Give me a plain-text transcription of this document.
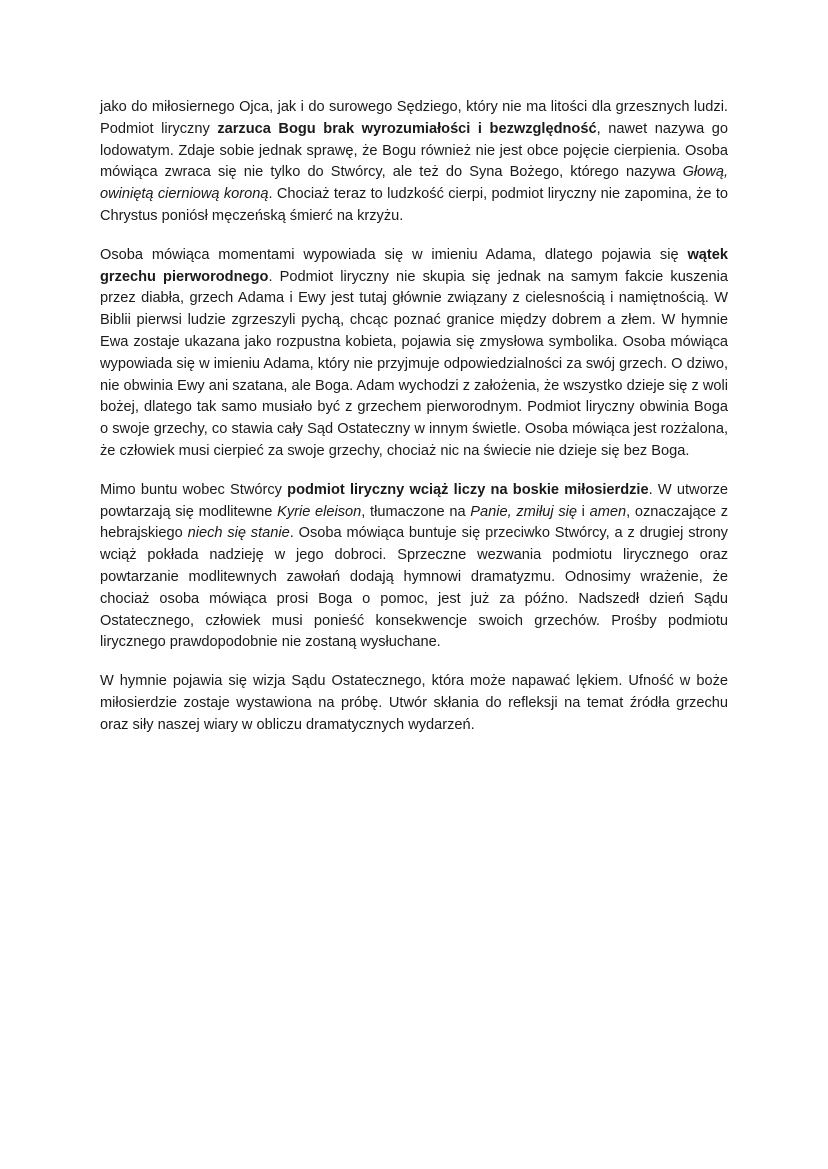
jako do miłosiernego Ojca, jak i do surowego Sędziego, który nie ma litości dla grzesznych ludzi. Podmiot liryczny zarzuca Bogu brak wyrozumiałości i bezwzględność, nawet nazywa go lodowatym. Zdaje sobie jednak sprawę, że Bogu również nie jest obce pojęcie cierpienia. Osoba mówiąca zwraca się nie tylko do Stwórcy, ale też do Syna Bożego, którego nazywa Głową, owiniętą cierniową koroną. Chociaż teraz to ludzkość cierpi, podmiot liryczny nie zapomina, że to Chrystus poniósł męczeńską śmierć na krzyżu.

Osoba mówiąca momentami wypowiada się w imieniu Adama, dlatego pojawia się wątek grzechu pierworodnego. Podmiot liryczny nie skupia się jednak na samym fakcie kuszenia przez diabła, grzech Adama i Ewy jest tutaj głównie związany z cielesnością i namiętnością. W Biblii pierwsi ludzie zgrzeszyli pychą, chcąc poznać granice między dobrem a złem. W hymnie Ewa zostaje ukazana jako rozpustna kobieta, pojawia się zmysłowa symbolika. Osoba mówiąca wypowiada się w imieniu Adama, który nie przyjmuje odpowiedzialności za swój grzech. O dziwo, nie obwinia Ewy ani szatana, ale Boga. Adam wychodzi z założenia, że wszystko dzieje się z woli bożej, dlatego tak samo musiało być z grzechem pierworodnym. Podmiot liryczny obwinia Boga o swoje grzechy, co stawia cały Sąd Ostateczny w innym świetle. Osoba mówiąca jest rozżalona, że człowiek musi cierpieć za swoje grzechy, chociaż nic na świecie nie dzieje się bez Boga.

Mimo buntu wobec Stwórcy podmiot liryczny wciąż liczy na boskie miłosierdzie. W utworze powtarzają się modlitewne Kyrie eleison, tłumaczone na Panie, zmiłuj się i amen, oznaczające z hebrajskiego niech się stanie. Osoba mówiąca buntuje się przeciwko Stwórcy, a z drugiej strony wciąż pokłada nadzieję w jego dobroci. Sprzeczne wezwania podmiotu lirycznego oraz powtarzanie modlitewnych zawołań dodają hymnowi dramatyzmu. Odnosimy wrażenie, że chociaż osoba mówiąca prosi Boga o pomoc, jest już za późno. Nadszedł dzień Sądu Ostatecznego, człowiek musi ponieść konsekwencje swoich grzechów. Prośby podmiotu lirycznego prawdopodobnie nie zostaną wysłuchane.

W hymnie pojawia się wizja Sądu Ostatecznego, która może napawać lękiem. Ufność w boże miłosierdzie zostaje wystawiona na próbę. Utwór skłania do refleksji na temat źródła grzechu oraz siły naszej wiary w obliczu dramatycznych wydarzeń.
